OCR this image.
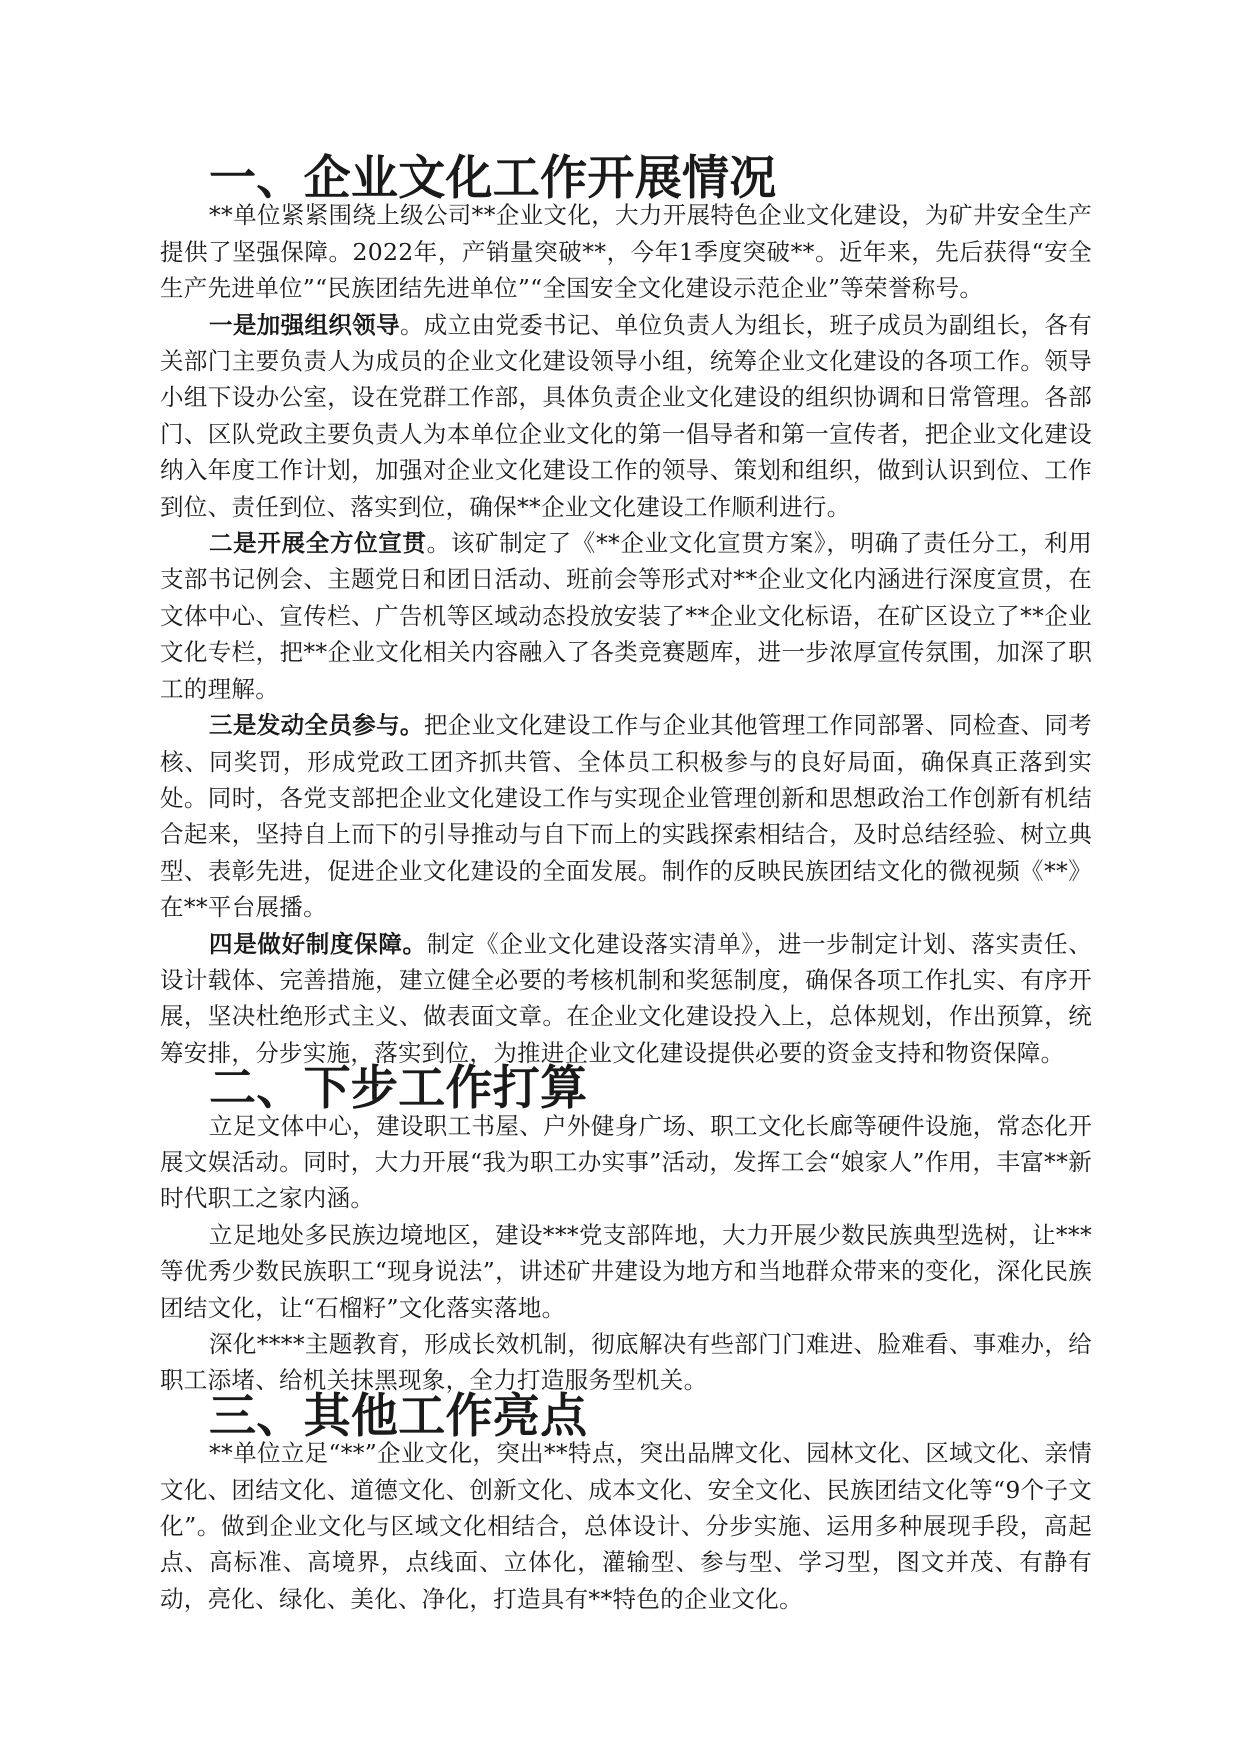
一、企业文化工作开展情况

**单位紧紧围绕上级公司**企业文化，大力开展特色企业文化建设，为矿井安全生产提供了坚强保障。2022年，产销量突破**，今年1季度突破**。近年来，先后获得“安全生产先进单位”“民族团结先进单位”“全国安全文化建设示范企业”等荣誉称号。

一是加强组织领导。成立由党委书记、单位负责人为组长，班子成员为副组长，各有关部门主要负责人为成员的企业文化建设领导小组，统筹企业文化建设的各项工作。领导小组下设办公室，设在党群工作部，具体负责企业文化建设的组织协调和日常管理。各部门、区队党政主要负责人为本单位企业文化的第一倡导者和第一宣传者，把企业文化建设纳入年度工作计划，加强对企业文化建设工作的领导、策划和组织，做到认识到位、工作到位、责任到位、落实到位，确保**企业文化建设工作顺利进行。

二是开展全方位宣贯。该矿制定了《**企业文化宣贯方案》，明确了责任分工，利用支部书记例会、主题党日和团日活动、班前会等形式对**企业文化内涵进行深度宣贯，在文体中心、宣传栏、广告机等区域动态投放安装了**企业文化标语，在矿区设立了**企业文化专栏，把**企业文化相关内容融入了各类竞赛题库，进一步浓厚宣传氛围，加深了职工的理解。

三是发动全员参与。把企业文化建设工作与企业其他管理工作同部署、同检查、同考核、同奖罚，形成党政工团齐抓共管、全体员工积极参与的良好局面，确保真正落到实处。同时，各党支部把企业文化建设工作与实现企业管理创新和思想政治工作创新有机结合起来，坚持自上而下的引导推动与自下而上的实践探索相结合，及时总结经验、树立典型、表彰先进，促进企业文化建设的全面发展。制作的反映民族团结文化的微视频《**》在**平台展播。

四是做好制度保障。制定《企业文化建设落实清单》，进一步制定计划、落实责任、设计载体、完善措施，建立健全必要的考核机制和奖惩制度，确保各项工作扎实、有序开展，坚决杜绝形式主义、做表面文章。在企业文化建设投入上，总体规划，作出预算，统筹安排，分步实施，落实到位，为推进企业文化建设提供必要的资金支持和物资保障。

二、下步工作打算

立足文体中心，建设职工书屋、户外健身广场、职工文化长廊等硬件设施，常态化开展文娱活动。同时，大力开展“我为职工办实事”活动，发挥工会“娘家人”作用，丰富**新时代职工之家内涵。

立足地处多民族边境地区，建设***党支部阵地，大力开展少数民族典型选树，让***等优秀少数民族职工“现身说法”，讲述矿井建设为地方和当地群众带来的变化，深化民族团结文化，让“石榴籽”文化落实落地。

深化****主题教育，形成长效机制，彻底解决有些部门门难进、脸难看、事难办，给职工添堵、给机关抹黑现象，全力打造服务型机关。

三、其他工作亮点

**单位立足“**”企业文化，突出**特点，突出品牌文化、园林文化、区域文化、亲情文化、团结文化、道德文化、创新文化、成本文化、安全文化、民族团结文化等“9个子文化”。做到企业文化与区域文化相结合，总体设计、分步实施、运用多种展现手段，高起点、高标准、高境界，点线面、立体化，灌输型、参与型、学习型，图文并茂、有静有动，亮化、绿化、美化、净化，打造具有**特色的企业文化。
